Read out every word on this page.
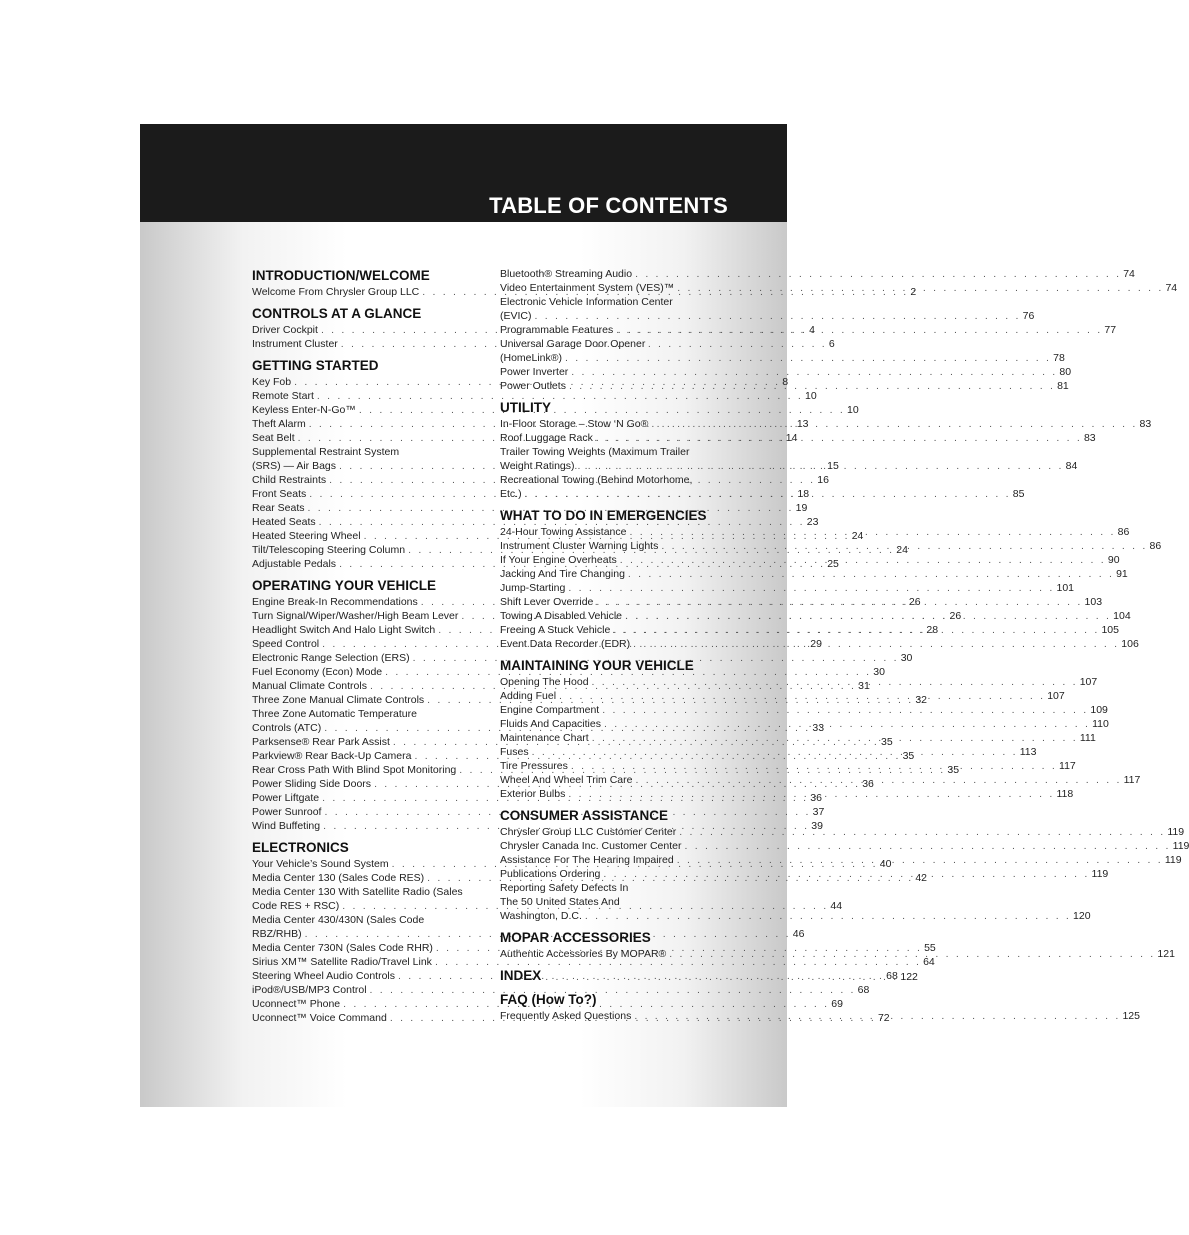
TABLE OF CONTENTS
INTRODUCTION/WELCOME
Welcome From Chrysler Group LLC . . .	2
CONTROLS AT A GLANCE
Driver Cockpit . . .	4
Instrument Cluster . . .	6
GETTING STARTED
Key Fob . . .	8
Remote Start . . .	10
Keyless Enter-N-Go™ . . .	10
Theft Alarm . . .	13
Seat Belt . . .	14
Supplemental Restraint System
(SRS) — Air Bags . . .	15
Child Restraints . . .	16
Front Seats . . .	18
Rear Seats . . .	19
Heated Seats . . .	23
Heated Steering Wheel . . .	24
Tilt/Telescoping Steering Column . . .	24
Adjustable Pedals . . .	25
OPERATING YOUR VEHICLE
Engine Break-In Recommendations . . .	26
Turn Signal/Wiper/Washer/High Beam Lever . . .	26
Headlight Switch And Halo Light Switch . . .	28
Speed Control . . .	29
Electronic Range Selection (ERS) . . .	30
Fuel Economy (Econ) Mode . . .	30
Manual Climate Controls . . .	31
Three Zone Manual Climate Controls . . .	32
Three Zone Automatic Temperature
Controls (ATC) . . .	33
Parksense® Rear Park Assist . . .	35
Parkview® Rear Back-Up Camera . . .	35
Rear Cross Path With Blind Spot Monitoring . . .	35
Power Sliding Side Doors . . .	36
Power Liftgate . . .	36
Power Sunroof . . .	37
Wind Buffeting . . .	39
ELECTRONICS
Your Vehicle’s Sound System . . .	40
Media Center 130 (Sales Code RES) . . .	42
Media Center 130 With Satellite Radio (Sales
Code RES + RSC) . . .	44
Media Center 430/430N (Sales Code
RBZ/RHB) . . .	46
Media Center 730N (Sales Code RHR) . . .	55
Sirius XM™ Satellite Radio/Travel Link . . .	64
Steering Wheel Audio Controls . . .	68
iPod®/USB/MP3 Control . . .	68
Uconnect™ Phone . . .	69
Uconnect™ Voice Command . . .	72
Bluetooth® Streaming Audio . . .	74
Video Entertainment System (VES)™ . . .	74
Electronic Vehicle Information Center
(EVIC) . . .	76
Programmable Features . . .	77
Universal Garage Door Opener
(HomeLink®) . . .	78
Power Inverter . . .	80
Power Outlets . . .	81
UTILITY
In-Floor Storage – Stow ‘N Go® . . .	83
Roof Luggage Rack . . .	83
Trailer Towing Weights (Maximum Trailer
Weight Ratings) . . .	84
Recreational Towing (Behind Motorhome,
Etc.) . . .	85
WHAT TO DO IN EMERGENCIES
24-Hour Towing Assistance . . .	86
Instrument Cluster Warning Lights . . .	86
If Your Engine Overheats . . .	90
Jacking And Tire Changing . . .	91
Jump-Starting . . .	101
Shift Lever Override . . .	103
Towing A Disabled Vehicle . . .	104
Freeing A Stuck Vehicle . . .	105
Event Data Recorder (EDR) . . .	106
MAINTAINING YOUR VEHICLE
Opening The Hood . . .	107
Adding Fuel . . .	107
Engine Compartment . . .	109
Fluids And Capacities . . .	110
Maintenance Chart . . .	111
Fuses . . .	113
Tire Pressures . . .	117
Wheel And Wheel Trim Care . . .	117
Exterior Bulbs . . .	118
CONSUMER ASSISTANCE
Chrysler Group LLC Customer Center . . .	119
Chrysler Canada Inc. Customer Center . . .	119
Assistance For The Hearing Impaired . . .	119
Publications Ordering . . .	119
Reporting Safety Defects In
The 50 United States And
Washington, D.C. . . .	120
MOPAR ACCESSORIES
Authentic Accessories By MOPAR® . . .	121
INDEX . . .	122
FAQ (How To?)
Frequently Asked Questions . . .	125
